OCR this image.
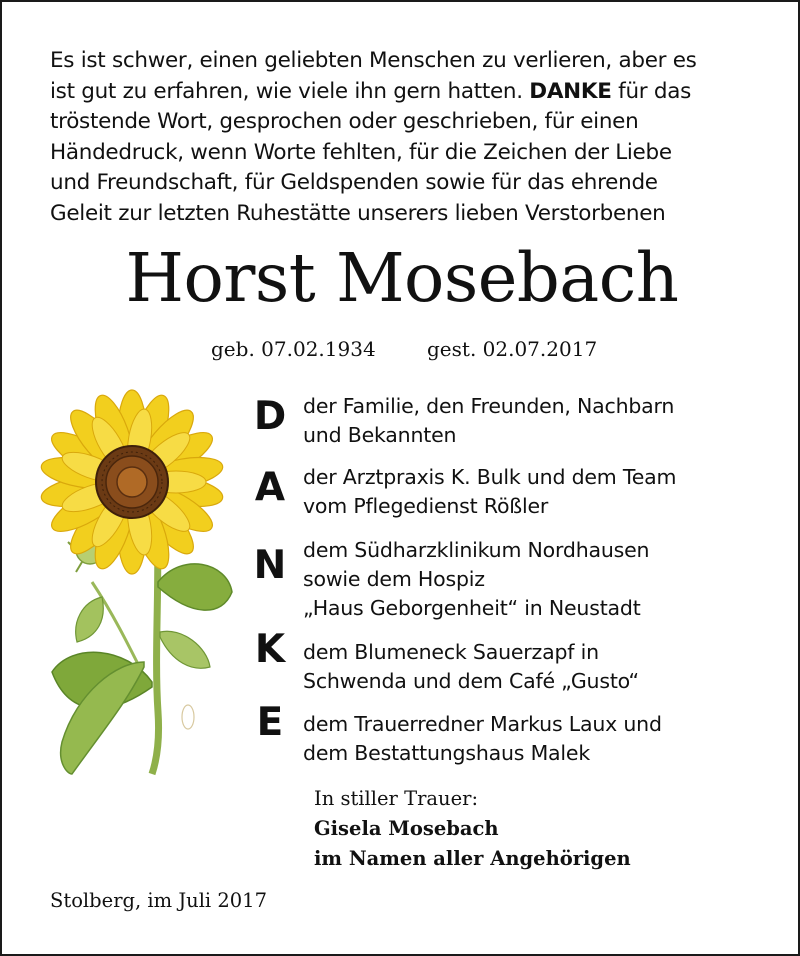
Es ist schwer, einen geliebten Menschen zu verlieren, aber es
ist gut zu erfahren, wie viele ihn gern hatten. DANKE für das
tröstende Wort, gesprochen oder geschrieben, für einen
Händedruck, wenn Worte fehlten, für die Zeichen der Liebe
und Freundschaft, für Geldspenden sowie für das ehrende
Geleit zur letzten Ruhestätte unserers lieben Verstorbenen
Horst Mosebach
geb. 07.02.1934	gest. 02.07.2017
D der Familie, den Freunden, Nachbarn
und Bekannten
A der Arztpraxis K. Bulk und dem Team
vom Pflegedienst Rößler
N dem Südharzklinikum Nordhausen
sowie dem Hospiz
„Haus Geborgenheit“ in Neustadt
K dem Blumeneck Sauerzapf in
Schwenda und dem Café „Gusto“
E dem Trauerredner Markus Laux und
dem Bestattungshaus Malek
In stiller Trauer:
Gisela Mosebach
im Namen aller Angehörigen
Stolberg, im Juli 2017
